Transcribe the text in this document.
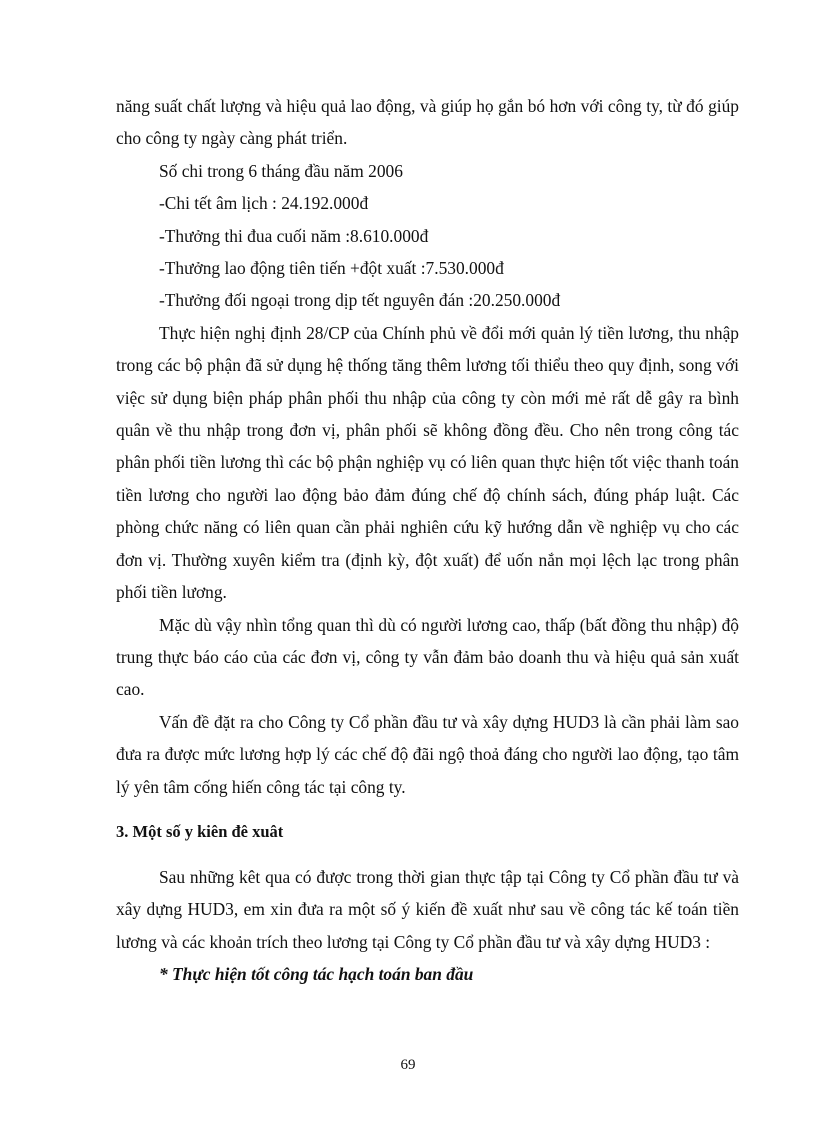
năng suất chất lượng và hiệu quả lao động, và giúp họ gắn bó hơn với công ty, từ đó giúp cho công ty ngày càng phát triển.

Số chi trong 6 tháng đầu năm 2006

-Chi tết âm lịch : 24.192.000đ

-Thưởng thi đua cuối năm :8.610.000đ

-Thưởng lao động tiên tiến +đột xuất :7.530.000đ

-Thưởng đối ngoại trong dịp tết nguyên đán :20.250.000đ

Thực hiện nghị định 28/CP của Chính phủ về đổi mới quản lý tiền lương, thu nhập trong các bộ phận đã sử dụng hệ thống tăng thêm lương tối thiểu theo quy định, song với việc sử dụng biện pháp phân phối thu nhập của công ty còn mới mẻ rất dễ gây ra bình quân về thu nhập trong đơn vị, phân phối sẽ không đồng đều. Cho nên trong công tác phân phối tiền lương thì các bộ phận nghiệp vụ có liên quan thực hiện tốt việc thanh toán tiền lương cho người lao động bảo đảm đúng chế độ chính sách, đúng pháp luật. Các phòng chức năng có liên quan cần phải nghiên cứu kỹ hướng dẫn về nghiệp vụ cho các đơn vị. Thường xuyên kiểm tra (định kỳ, đột xuất) để uốn nắn mọi lệch lạc trong phân phối tiền lương.

Mặc dù vậy nhìn tổng quan thì dù có người lương cao, thấp (bất đồng thu nhập) độ trung thực báo cáo của các đơn vị, công ty vẫn đảm bảo doanh thu và hiệu quả sản xuất cao.

Vấn đề đặt ra cho Công ty Cổ phần đầu tư và xây dựng HUD3 là cần phải làm sao đưa ra được mức lương hợp lý các chế độ đãi ngộ thoả đáng cho người lao động, tạo tâm lý yên tâm cống hiến công tác tại công ty.

3. Một số y kiên đê xuât

Sau những kêt qua có được trong thời gian thực tập tại Công ty Cổ phần đầu tư và xây dựng HUD3, em xin đưa ra một số ý kiến đề xuất như sau về công tác kế toán tiền lương và các khoản trích theo lương tại Công ty Cổ phần đầu tư và xây dựng HUD3 :

* Thực hiện tốt công tác hạch toán ban đầu

69
